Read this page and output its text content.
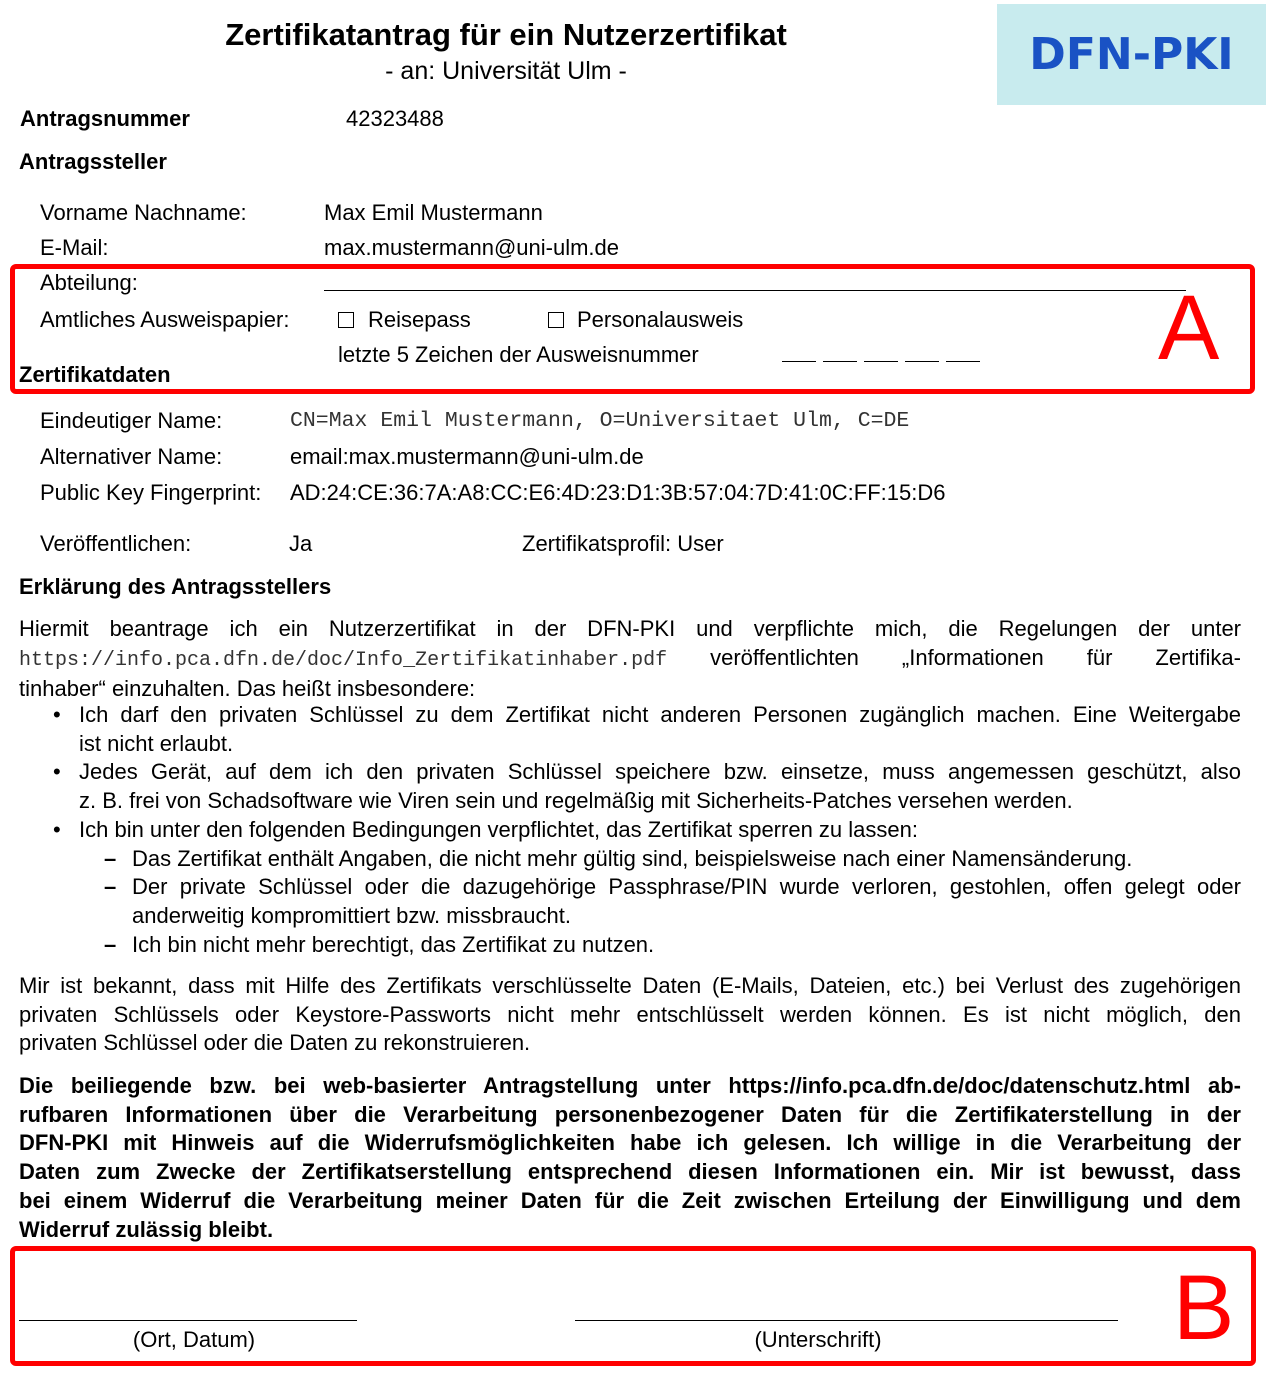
Zertifikatantrag für ein Nutzerzertifikat
- an: Universität Ulm -	DFN-PKI
Antragsnummer	42323488
Antragssteller
Vorname Nachname:	Max Emil Mustermann
E-Mail:	max.mustermann@uni-ulm.de
Abteilung:
Amtliches Ausweispapier:	Reisepass	Personalausweis
letzte 5 Zeichen der Ausweisnummer
Zertifikatdaten
Eindeutiger Name:	CN=Max Emil Mustermann, O=Universitaet Ulm, C=DE
Alternativer Name:	email:max.mustermann@uni-ulm.de
Public Key Fingerprint: AD:24:CE:36:7A:A8:CC:E6:4D:23:D1:3B:57:04:7D:41:0C:FF:15:D6
Veröffentlichen:	Ja	Zertifikatsprofil: User
Erklärung des Antragsstellers
Hiermit beantrage ich ein Nutzerzertifikat in der DFN-PKI und verpflichte mich, die Regelungen der unter
https://info.pca.dfn.de/doc/Info_Zertifikatinhaber.pdf veröffentlichten „Informationen für Zertifika-
tinhaber“ einzuhalten. Das heißt insbesondere:
• Ich darf den privaten Schlüssel zu dem Zertifikat nicht anderen Personen zugänglich machen. Eine Weitergabe
ist nicht erlaubt.
• Jedes Gerät, auf dem ich den privaten Schlüssel speichere bzw. einsetze, muss angemessen geschützt, also
z. B. frei von Schadsoftware wie Viren sein und regelmäßig mit Sicherheits-Patches versehen werden.
• Ich bin unter den folgenden Bedingungen verpflichtet, das Zertifikat sperren zu lassen:
– Das Zertifikat enthält Angaben, die nicht mehr gültig sind, beispielsweise nach einer Namensänderung.
– Der private Schlüssel oder die dazugehörige Passphrase/PIN wurde verloren, gestohlen, offen gelegt oder
anderweitig kompromittiert bzw. missbraucht.
– Ich bin nicht mehr berechtigt, das Zertifikat zu nutzen.
Mir ist bekannt, dass mit Hilfe des Zertifikats verschlüsselte Daten (E-Mails, Dateien, etc.) bei Verlust des zugehörigen
privaten Schlüssels oder Keystore-Passworts nicht mehr entschlüsselt werden können. Es ist nicht möglich, den
privaten Schlüssel oder die Daten zu rekonstruieren.
Die beiliegende bzw. bei web-basierter Antragstellung unter https://info.pca.dfn.de/doc/datenschutz.html ab-
rufbaren Informationen über die Verarbeitung personenbezogener Daten für die Zertifikaterstellung in der
DFN-PKI mit Hinweis auf die Widerrufsmöglichkeiten habe ich gelesen. Ich willige in die Verarbeitung der
Daten zum Zwecke der Zertifikatserstellung entsprechend diesen Informationen ein. Mir ist bewusst, dass
bei einem Widerruf die Verarbeitung meiner Daten für die Zeit zwischen Erteilung der Einwilligung und dem
Widerruf zulässig bleibt.
(Ort, Datum)	(Unterschrift)
A
B
